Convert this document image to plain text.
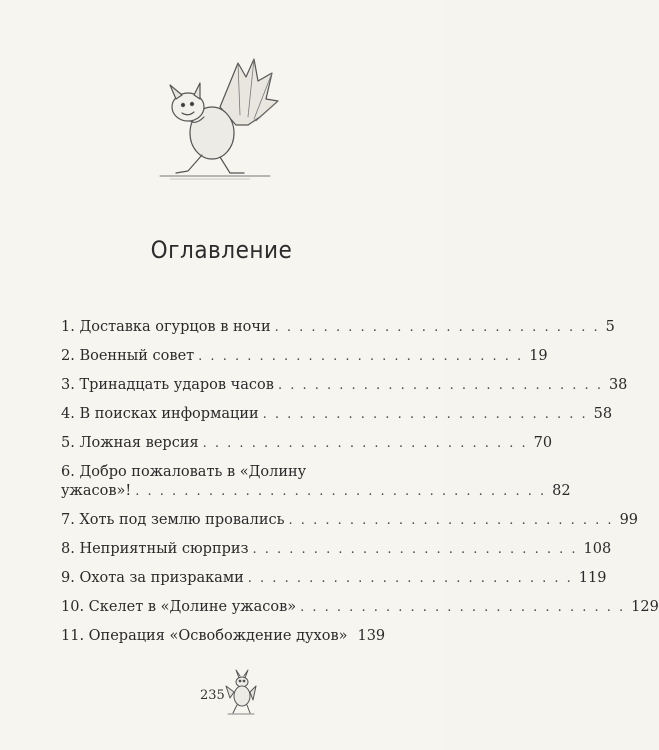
Оглавление
1. Доставка огурцов в ночи . . . . . . . . . . . . . . . . . . . . . . . . . . . 5
2. Военный совет . . . . . . . . . . . . . . . . . . . . . . . . . . . 19
3. Тринадцать ударов часов . . . . . . . . . . . . . . . . . . . . . . . . . . . 38
4. В поисках информации . . . . . . . . . . . . . . . . . . . . . . . . . . . 58
5. Ложная версия . . . . . . . . . . . . . . . . . . . . . . . . . . . 70
6. Добро пожаловать в «Долину
ужасов»! . . . . . . . . . . . . . . . . . . . . . . . . . . . . . . . . . . 82
7. Хоть под землю провались . . . . . . . . . . . . . . . . . . . . . . . . . . . 99
8. Неприятный сюрприз . . . . . . . . . . . . . . . . . . . . . . . . . . . 108
9. Охота за призраками . . . . . . . . . . . . . . . . . . . . . . . . . . . 119
10. Скелет в «Долине ужасов» . . . . . . . . . . . . . . . . . . . . . . . . . . . 129
11. Операция «Освобождение духов» 139
235
